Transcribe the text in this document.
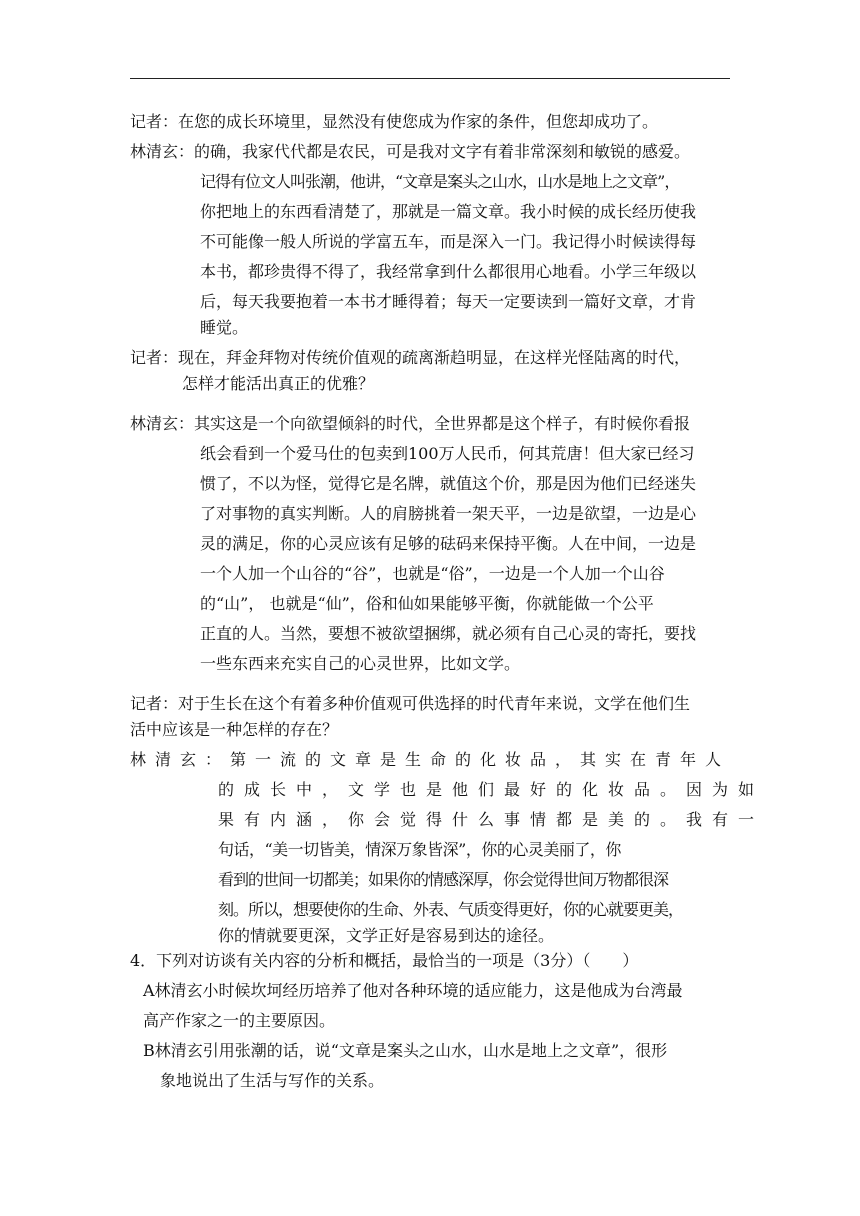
记者：在您的成长环境里，显然没有使您成为作家的条件，但您却成功了。
林清玄：的确，我家代代都是农民，可是我对文字有着非常深刻和敏锐的感爱。
记得有位文人叫张潮，他讲，“文章是案头之山水，山水是地上之文章”，
你把地上的东西看清楚了，那就是一篇文章。我小时候的成长经历使我
不可能像一般人所说的学富五车，而是深入一门。我记得小时候读得每
本书，都珍贵得不得了，我经常拿到什么都很用心地看。小学三年级以
后，每天我要抱着一本书才睡得着；每天一定要读到一篇好文章，才肯
睡觉。
记者：现在，拜金拜物对传统价值观的疏离渐趋明显，在这样光怪陆离的时代，
怎样才能活出真正的优雅？
林清玄：其实这是一个向欲望倾斜的时代，全世界都是这个样子，有时候你看报
纸会看到一个爱马仕的包卖到100万人民币，何其荒唐！但大家已经习
惯了，不以为怪，觉得它是名牌，就值这个价，那是因为他们已经迷失
了对事物的真实判断。人的肩膀挑着一架天平，一边是欲望，一边是心
灵的满足，你的心灵应该有足够的砝码来保持平衡。人在中间，一边是
一个人加一个山谷的“谷”，也就是“俗”，一边是一个人加一个山谷
的“山”， 也就是“仙”，俗和仙如果能够平衡，你就能做一个公平
正直的人。当然，要想不被欲望捆绑，就必须有自己心灵的寄托，要找
一些东西来充实自己的心灵世界，比如文学。
记者：对于生长在这个有着多种价值观可供选择的时代青年来说，文学在他们生
活中应该是一种怎样的存在？
林清玄：第一流的文章是生命的化妆品，其实在青年人
的成长中，文学也是他们最好的化妆品。因为如
果有内涵，你会觉得什么事情都是美的。我有一
句话，“美一切皆美，情深万象皆深”，你的心灵美丽了，你
看到的世间一切都美；如果你的情感深厚，你会觉得世间万物都很深
刻。所以，想要使你的生命、外表、气质变得更好，你的心就要更美，
你的情就要更深，文学正好是容易到达的途径。
4．下列对访谈有关内容的分析和概括，最恰当的一项是（3分）（　　）
A林清玄小时候坎坷经历培养了他对各种环境的适应能力，这是他成为台湾最
高产作家之一的主要原因。
B林清玄引用张潮的话，说“文章是案头之山水，山水是地上之文章”，很形
象地说出了生活与写作的关系。
